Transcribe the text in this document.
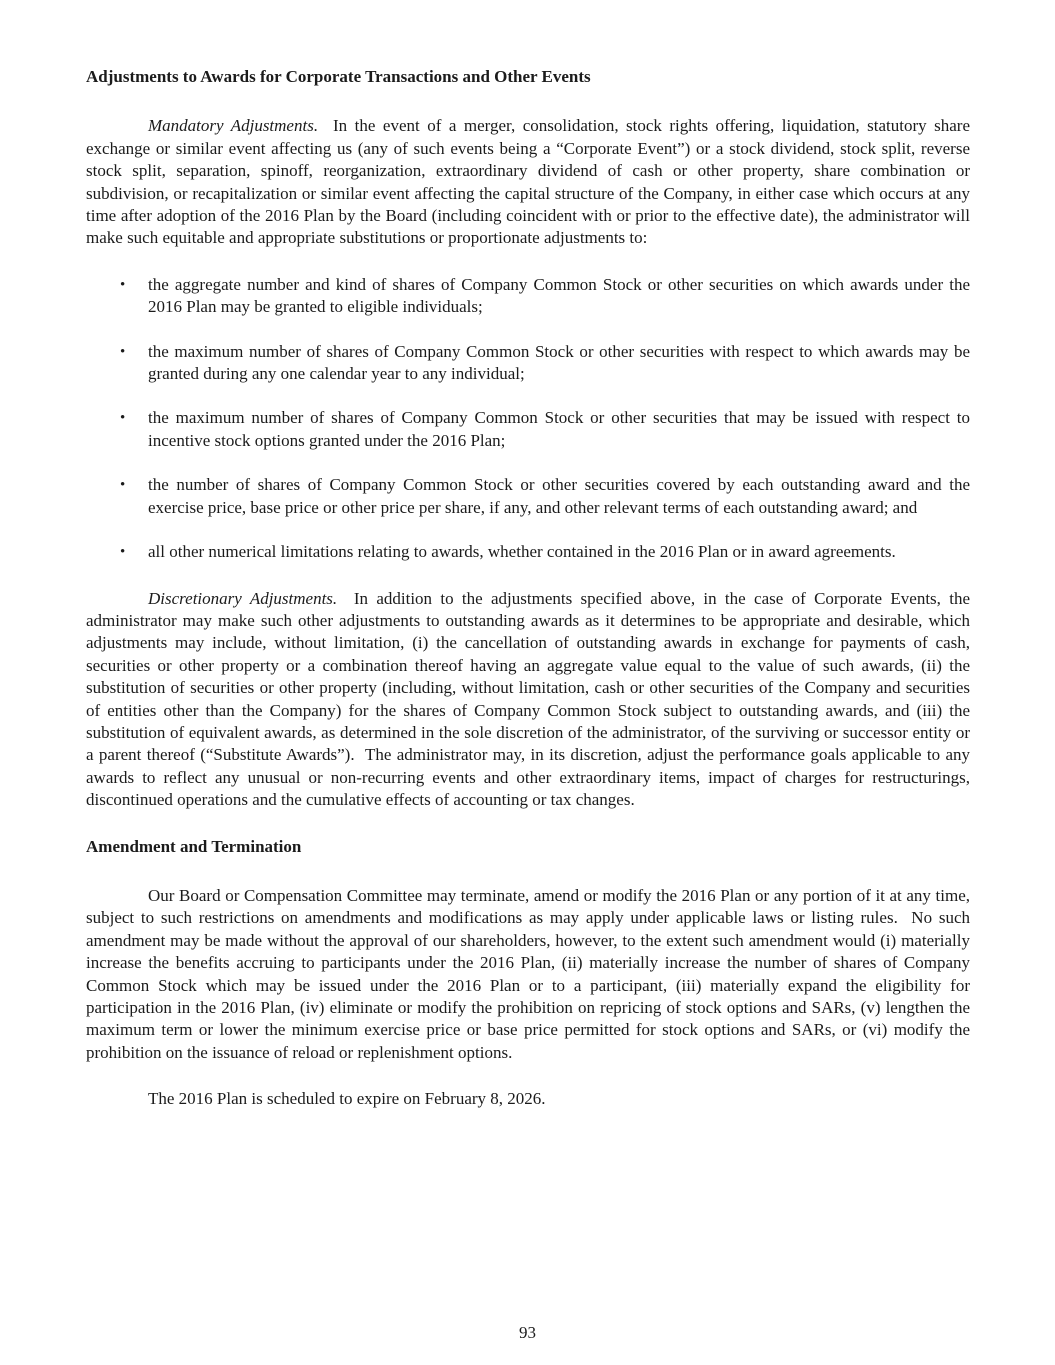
Adjustments to Awards for Corporate Transactions and Other Events

Mandatory Adjustments.  In the event of a merger, consolidation, stock rights offering, liquidation, statutory share exchange or similar event affecting us (any of such events being a “Corporate Event”) or a stock dividend, stock split, reverse stock split, separation, spinoff, reorganization, extraordinary dividend of cash or other property, share combination or subdivision, or recapitalization or similar event affecting the capital structure of the Company, in either case which occurs at any time after adoption of the 2016 Plan by the Board (including coincident with or prior to the effective date), the administrator will make such equitable and appropriate substitutions or proportionate adjustments to:

• the aggregate number and kind of shares of Company Common Stock or other securities on which awards under the 2016 Plan may be granted to eligible individuals;
• the maximum number of shares of Company Common Stock or other securities with respect to which awards may be granted during any one calendar year to any individual;
• the maximum number of shares of Company Common Stock or other securities that may be issued with respect to incentive stock options granted under the 2016 Plan;
• the number of shares of Company Common Stock or other securities covered by each outstanding award and the exercise price, base price or other price per share, if any, and other relevant terms of each outstanding award; and
• all other numerical limitations relating to awards, whether contained in the 2016 Plan or in award agreements.

Discretionary Adjustments.  In addition to the adjustments specified above, in the case of Corporate Events, the administrator may make such other adjustments to outstanding awards as it determines to be appropriate and desirable, which adjustments may include, without limitation, (i) the cancellation of outstanding awards in exchange for payments of cash, securities or other property or a combination thereof having an aggregate value equal to the value of such awards, (ii) the substitution of securities or other property (including, without limitation, cash or other securities of the Company and securities of entities other than the Company) for the shares of Company Common Stock subject to outstanding awards, and (iii) the substitution of equivalent awards, as determined in the sole discretion of the administrator, of the surviving or successor entity or a parent thereof (“Substitute Awards”).  The administrator may, in its discretion, adjust the performance goals applicable to any awards to reflect any unusual or non-recurring events and other extraordinary items, impact of charges for restructurings, discontinued operations and the cumulative effects of accounting or tax changes.

Amendment and Termination

Our Board or Compensation Committee may terminate, amend or modify the 2016 Plan or any portion of it at any time, subject to such restrictions on amendments and modifications as may apply under applicable laws or listing rules.  No such amendment may be made without the approval of our shareholders, however, to the extent such amendment would (i) materially increase the benefits accruing to participants under the 2016 Plan, (ii) materially increase the number of shares of Company Common Stock which may be issued under the 2016 Plan or to a participant, (iii) materially expand the eligibility for participation in the 2016 Plan, (iv) eliminate or modify the prohibition on repricing of stock options and SARs, (v) lengthen the maximum term or lower the minimum exercise price or base price permitted for stock options and SARs, or (vi) modify the prohibition on the issuance of reload or replenishment options.

The 2016 Plan is scheduled to expire on February 8, 2026.

93
